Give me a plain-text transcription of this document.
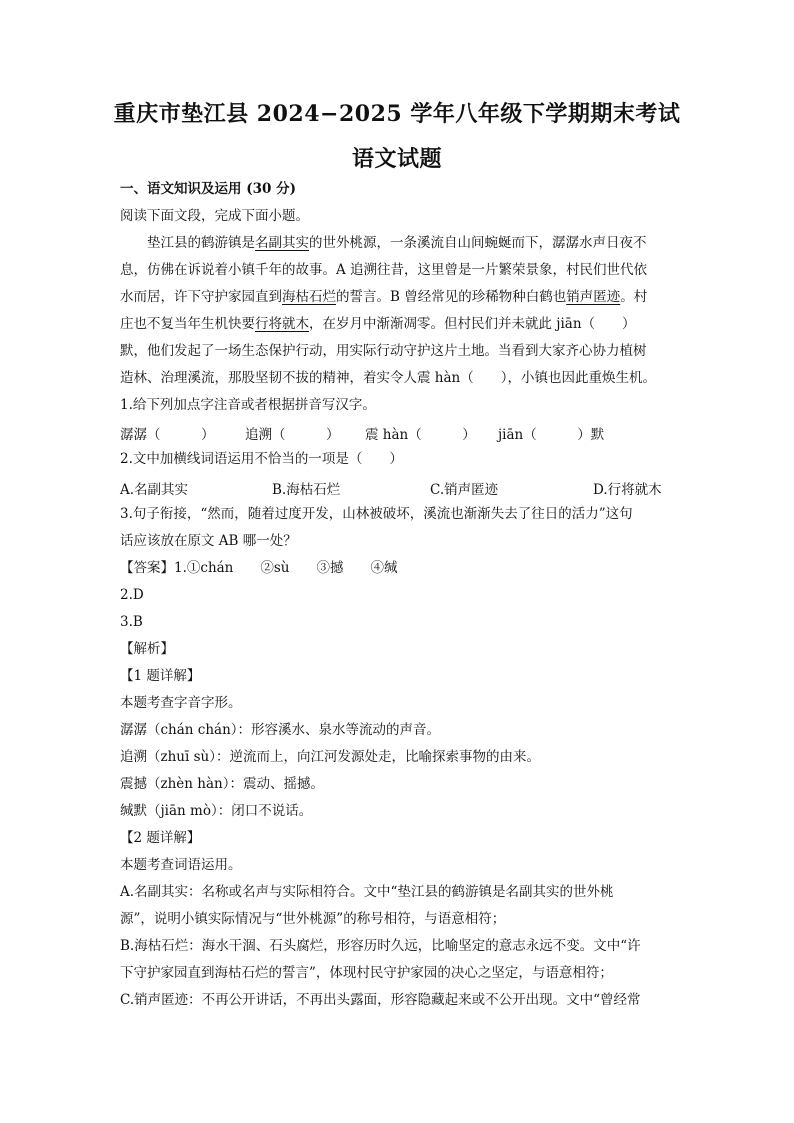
重庆市垫江县 2024−2025 学年八年级下学期期末考试
语文试题
一、语文知识及运用 (30 分)
阅读下面文段，完成下面小题。
垫江县的鹤游镇是名副其实的世外桃源，一条溪流自山间蜿蜒而下，潺潺水声日夜不
息，仿佛在诉说着小镇千年的故事。A 追溯往昔，这里曾是一片繁荣景象，村民们世代依
水而居，许下守护家园直到海枯石烂的誓言。B 曾经常见的珍稀物种白鹤也销声匿迹。村
庄也不复当年生机快要行将就木，在岁月中渐渐凋零。但村民们并未就此 jiān（　　）
默，他们发起了一场生态保护行动，用实际行动守护这片土地。当看到大家齐心协力植树
造林、治理溪流，那股坚韧不拔的精神，着实令人震 hàn（　　），小镇也因此重焕生机。
1.给下列加点字注音或者根据拼音写汉字。
潺潺（　　　） 追溯（　　　） 震 hàn（　　　） jiān（　　　）默
2.文中加横线词语运用不恰当的一项是（　　）
A.名副其实	B.海枯石烂	C.销声匿迹	D.行将就木
3.句子衔接，“然而，随着过度开发，山林被破坏，溪流也渐渐失去了往日的活力”这句
话应该放在原文 AB 哪一处？
【答案】1.①chán　　②sù　　③撼　　④缄
2.D
3.B
【解析】
【1 题详解】
本题考查字音字形。
潺潺（chán chán）：形容溪水、泉水等流动的声音。
追溯（zhuī sù）：逆流而上，向江河发源处走，比喻探索事物的由来。
震撼（zhèn hàn）：震动、摇撼。
缄默（jiān mò）：闭口不说话。
【2 题详解】
本题考查词语运用。
A.名副其实：名称或名声与实际相符合。文中“垫江县的鹤游镇是名副其实的世外桃
源”，说明小镇实际情况与“世外桃源”的称号相符，与语意相符；
B.海枯石烂：海水干涸、石头腐烂，形容历时久远，比喻坚定的意志永远不变。文中“许
下守护家园直到海枯石烂的誓言”，体现村民守护家园的决心之坚定，与语意相符；
C.销声匿迹：不再公开讲话，不再出头露面，形容隐藏起来或不公开出现。文中“曾经常
